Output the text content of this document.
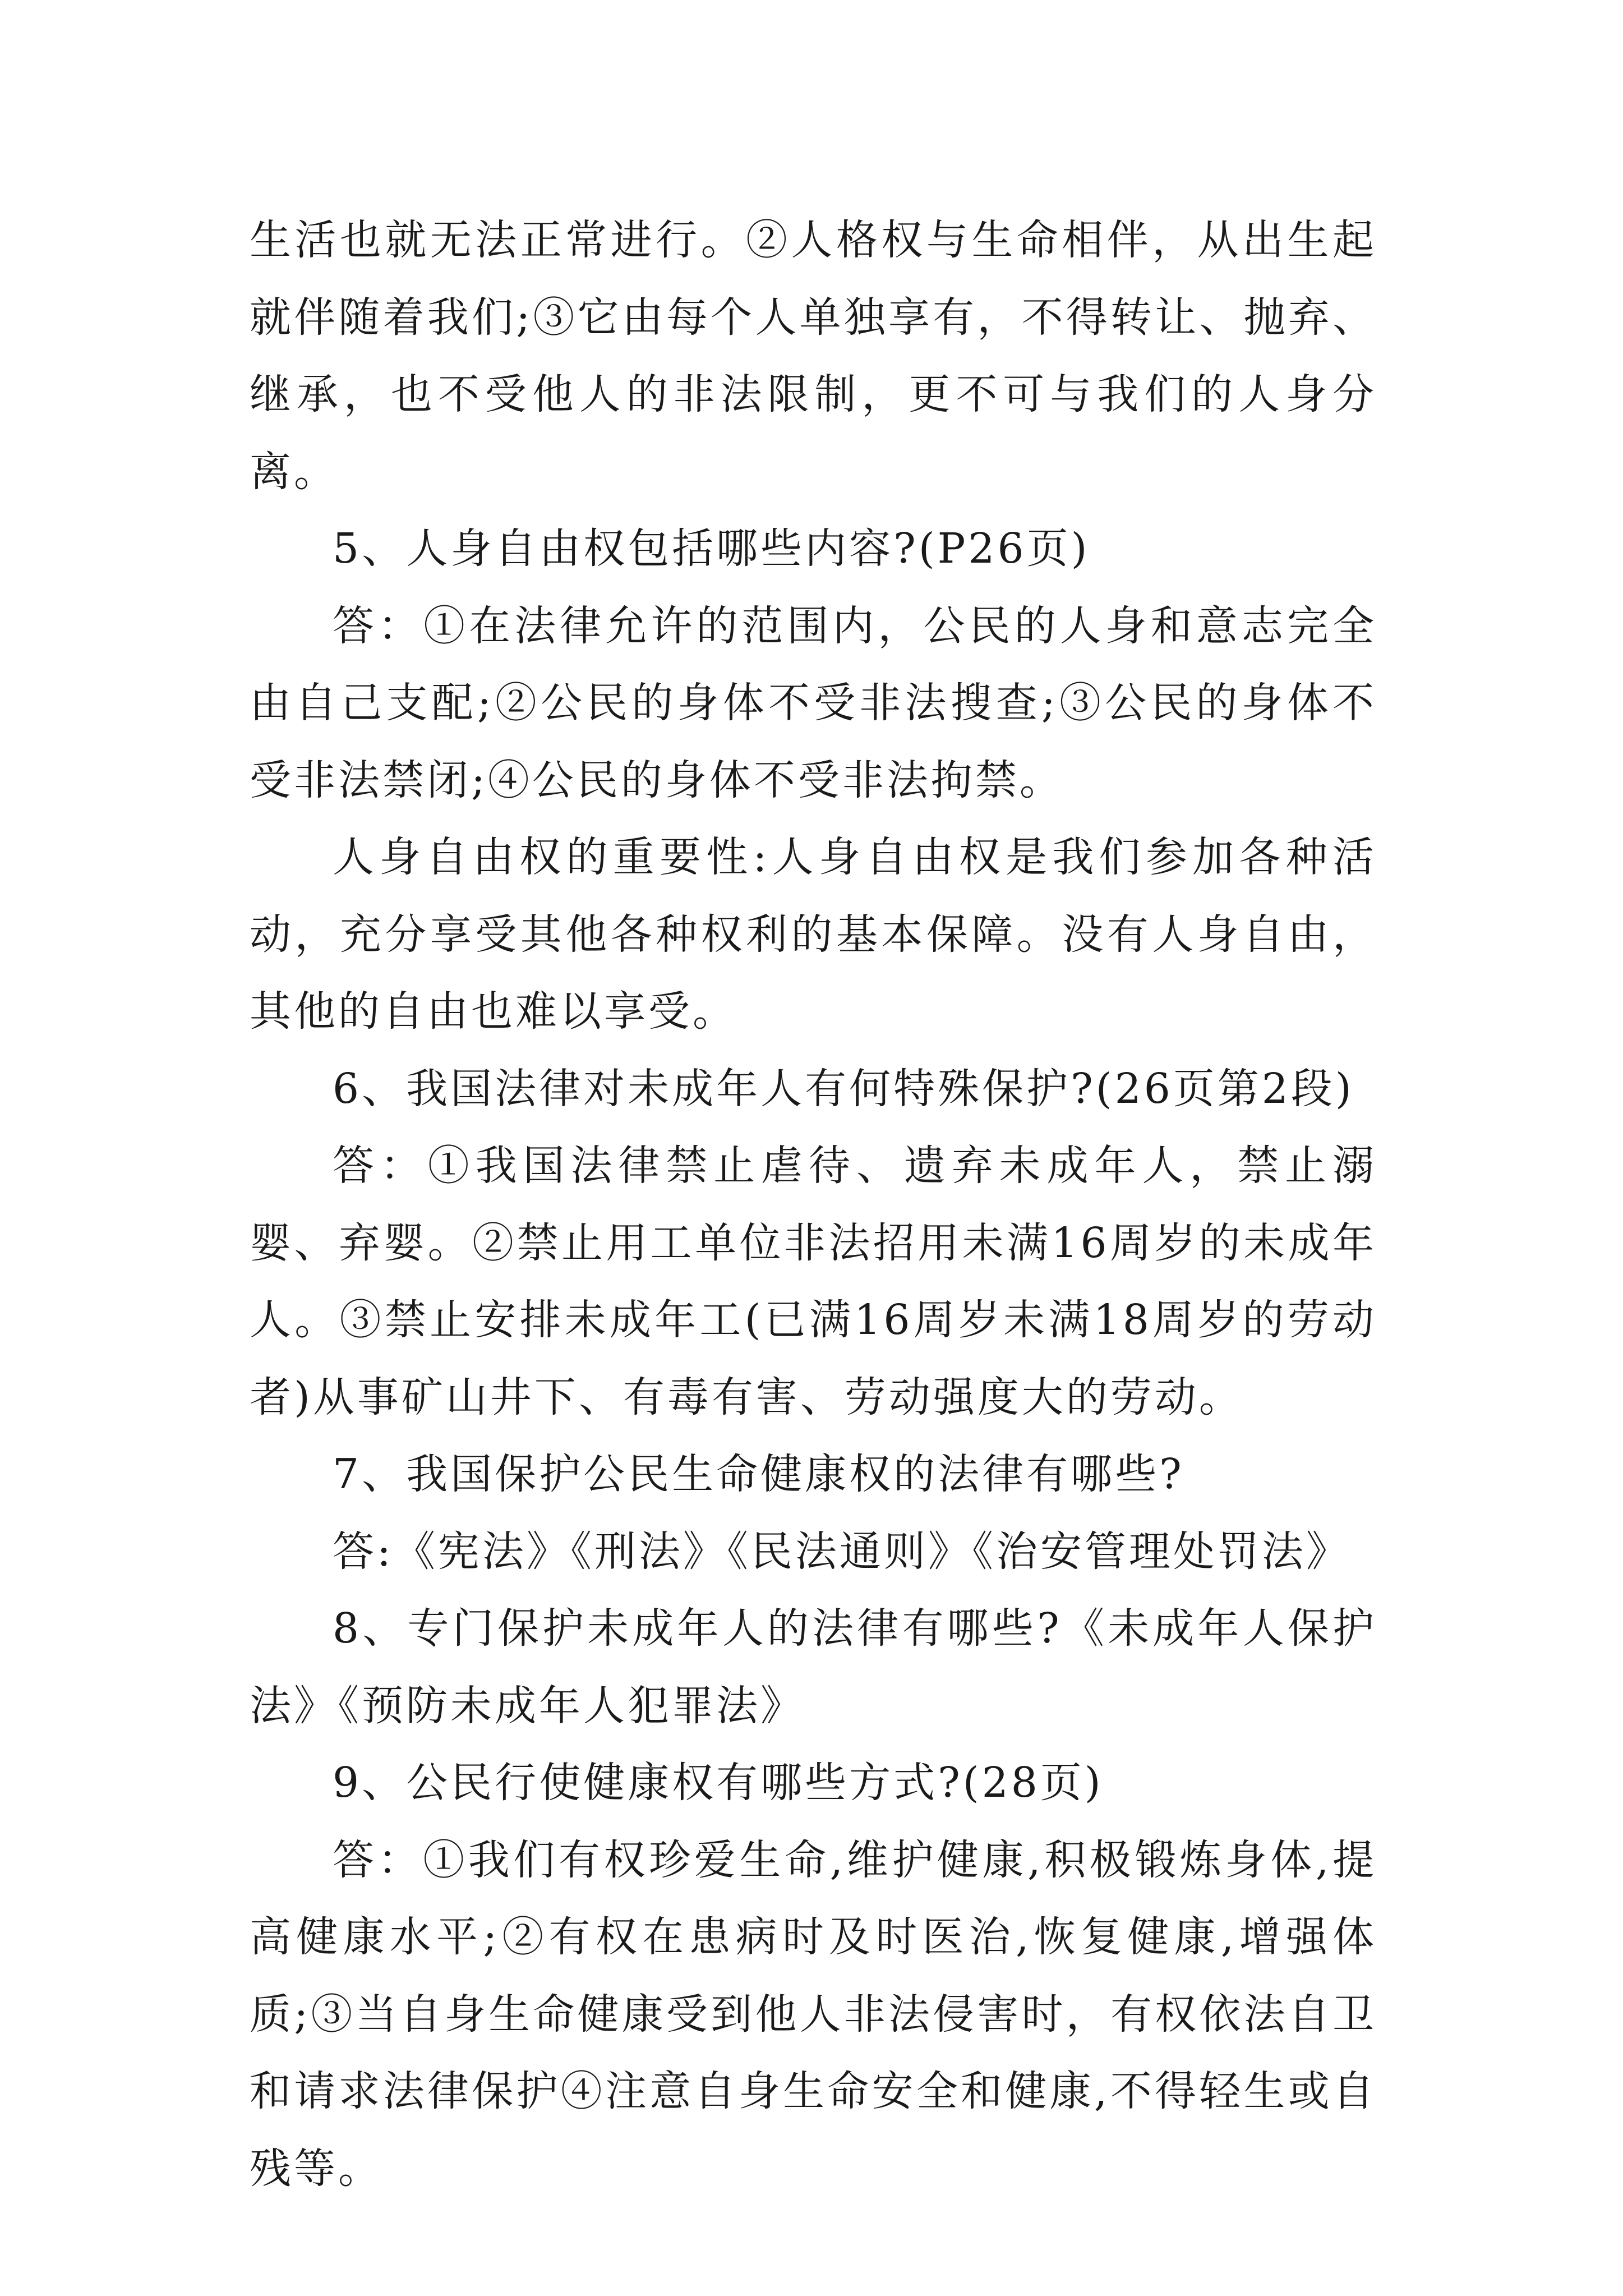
生活也就无法正常进行。②人格权与生命相伴，从出生起就伴随着我们;③它由每个人单独享有，不得转让、抛弃、继承，也不受他人的非法限制，更不可与我们的人身分离。

5、人身自由权包括哪些内容?(P26页)

答：①在法律允许的范围内，公民的人身和意志完全由自己支配;②公民的身体不受非法搜查;③公民的身体不受非法禁闭;④公民的身体不受非法拘禁。

人身自由权的重要性:人身自由权是我们参加各种活动，充分享受其他各种权利的基本保障。没有人身自由，其他的自由也难以享受。

6、我国法律对未成年人有何特殊保护?(26页第2段)

答：①我国法律禁止虐待、遗弃未成年人，禁止溺婴、弃婴。②禁止用工单位非法招用未满16周岁的未成年人。③禁止安排未成年工(已满16周岁未满18周岁的劳动者)从事矿山井下、有毒有害、劳动强度大的劳动。

7、我国保护公民生命健康权的法律有哪些?

答:《宪法》《刑法》《民法通则》《治安管理处罚法》

8、专门保护未成年人的法律有哪些?《未成年人保护法》《预防未成年人犯罪法》

9、公民行使健康权有哪些方式?(28页)

答：①我们有权珍爱生命,维护健康,积极锻炼身体,提高健康水平;②有权在患病时及时医治,恢复健康,增强体质;③当自身生命健康受到他人非法侵害时，有权依法自卫和请求法律保护④注意自身生命安全和健康,不得轻生或自残等。
